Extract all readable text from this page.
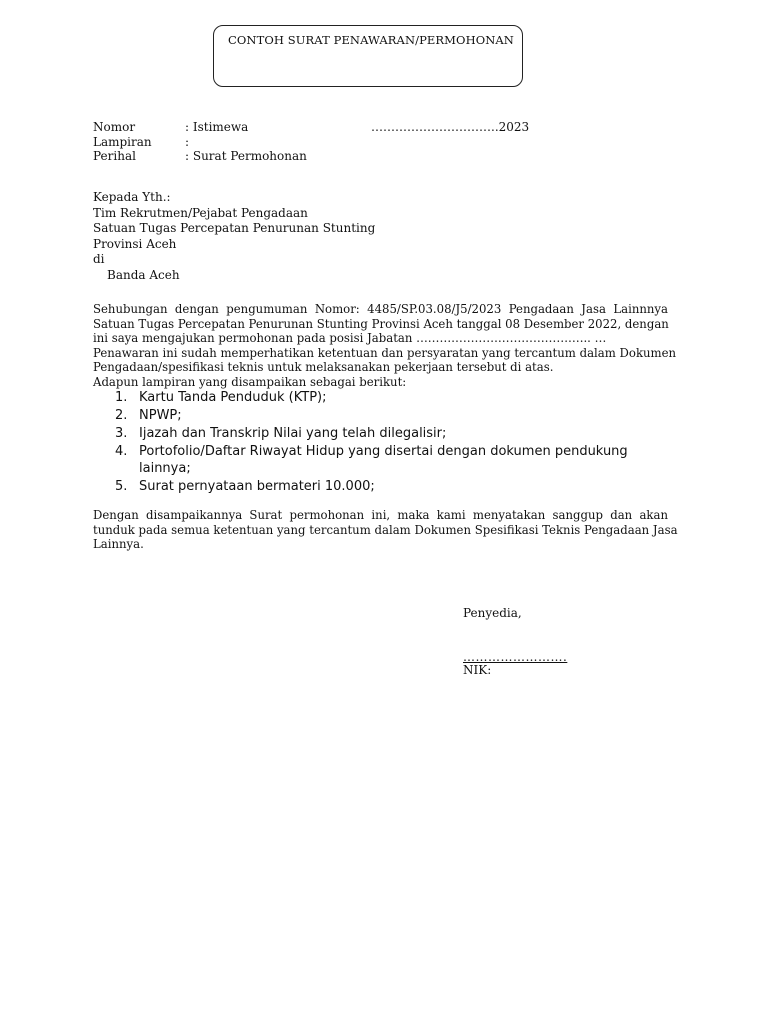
CONTOH SURAT PENAWARAN/PERMOHONAN
Nomor	: Istimewa	…………………………..2023
Lampiran	:
Perihal	: Surat Permohonan
Kepada Yth.:
Tim Rekrutmen/Pejabat Pengadaan
Satuan Tugas Percepatan Penurunan Stunting
Provinsi Aceh
di
Banda Aceh
Sehubungan dengan pengumuman Nomor: 4485/SP.03.08/J5/2023 Pengadaan Jasa Lainnnya
Satuan Tugas Percepatan Penurunan Stunting Provinsi Aceh tanggal 08 Desember 2022, dengan
ini saya mengajukan permohonan pada posisi Jabatan ……………………………………... …
Penawaran ini sudah memperhatikan ketentuan dan persyaratan yang tercantum dalam Dokumen
Pengadaan/spesifikasi teknis untuk melaksanakan pekerjaan tersebut di atas.
Adapun lampiran yang disampaikan sebagai berikut:
1. Kartu Tanda Penduduk (KTP);
2. NPWP;
3. Ijazah dan Transkrip Nilai yang telah dilegalisir;
4. Portofolio/Daftar Riwayat Hidup yang disertai dengan dokumen pendukung lainnya;
5. Surat pernyataan bermateri 10.000;
Dengan disampaikannya Surat permohonan ini, maka kami menyatakan sanggup dan akan
tunduk pada semua ketentuan yang tercantum dalam Dokumen Spesifikasi Teknis Pengadaan Jasa
Lainnya.
Penyedia,
…………………….
NIK:
